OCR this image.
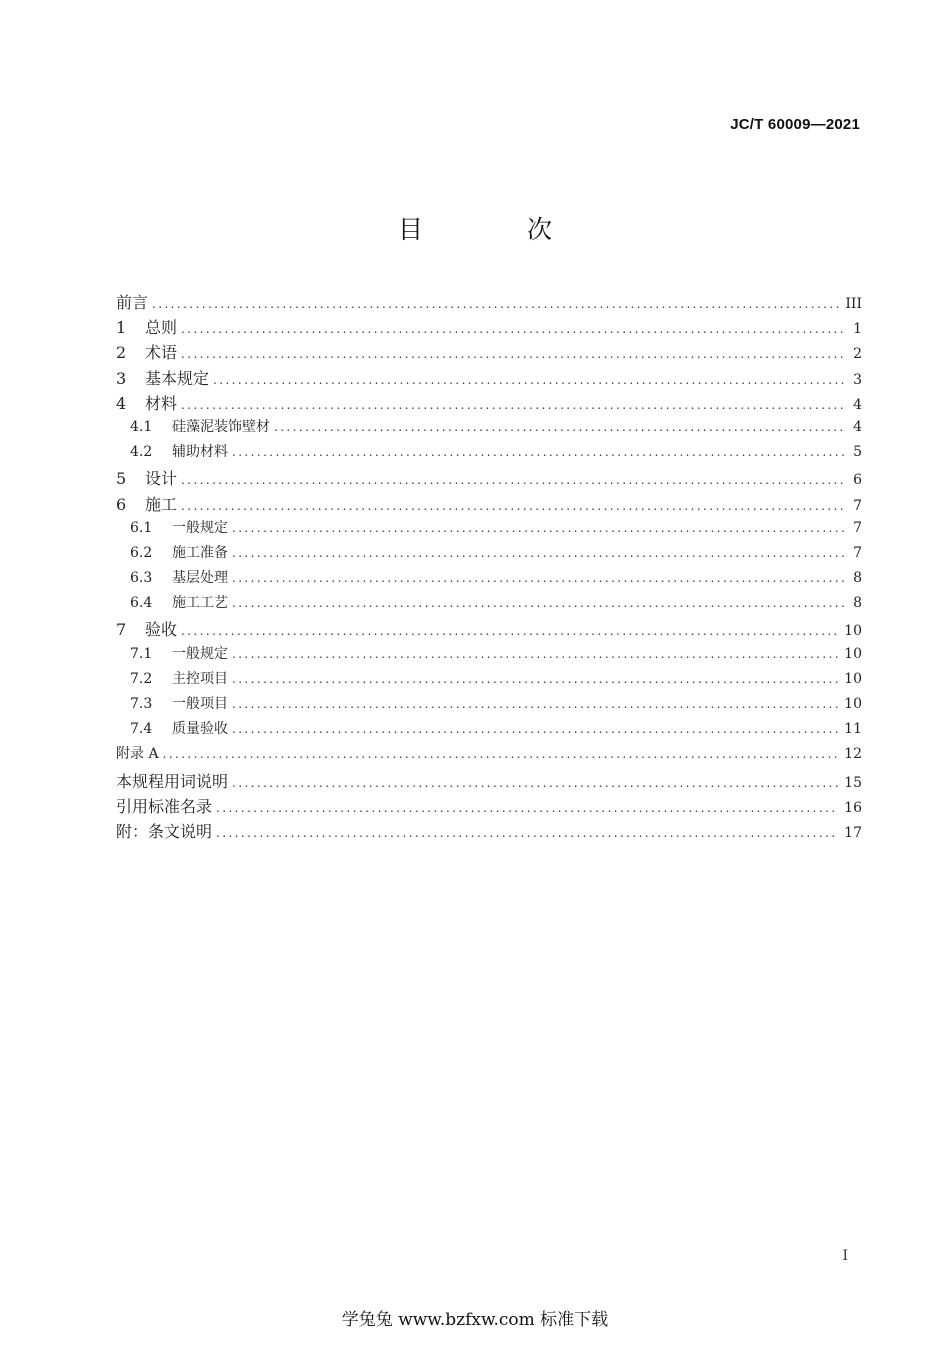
JC/T 60009—2021
目 次
前言 .....	III
1 总则 .....	1
2 术语 .....	2
3 基本规定 .....	3
4 材料 .....	4
4.1 硅藻泥装饰壁材 .....	4
4.2 辅助材料 .....	5
5 设计 .....	6
6 施工 .....	7
6.1 一般规定 .....	7
6.2 施工准备 .....	7
6.3 基层处理 .....	8
6.4 施工工艺 .....	8
7 验收 .....	10
7.1 一般规定 .....	10
7.2 主控项目 .....	10
7.3 一般项目 .....	10
7.4 质量验收 .....	11
附录 A .....	12
本规程用词说明 .....	15
引用标准名录 .....	16
附：条文说明 .....	17
I
学兔兔 www.bzfxw.com 标准下载
